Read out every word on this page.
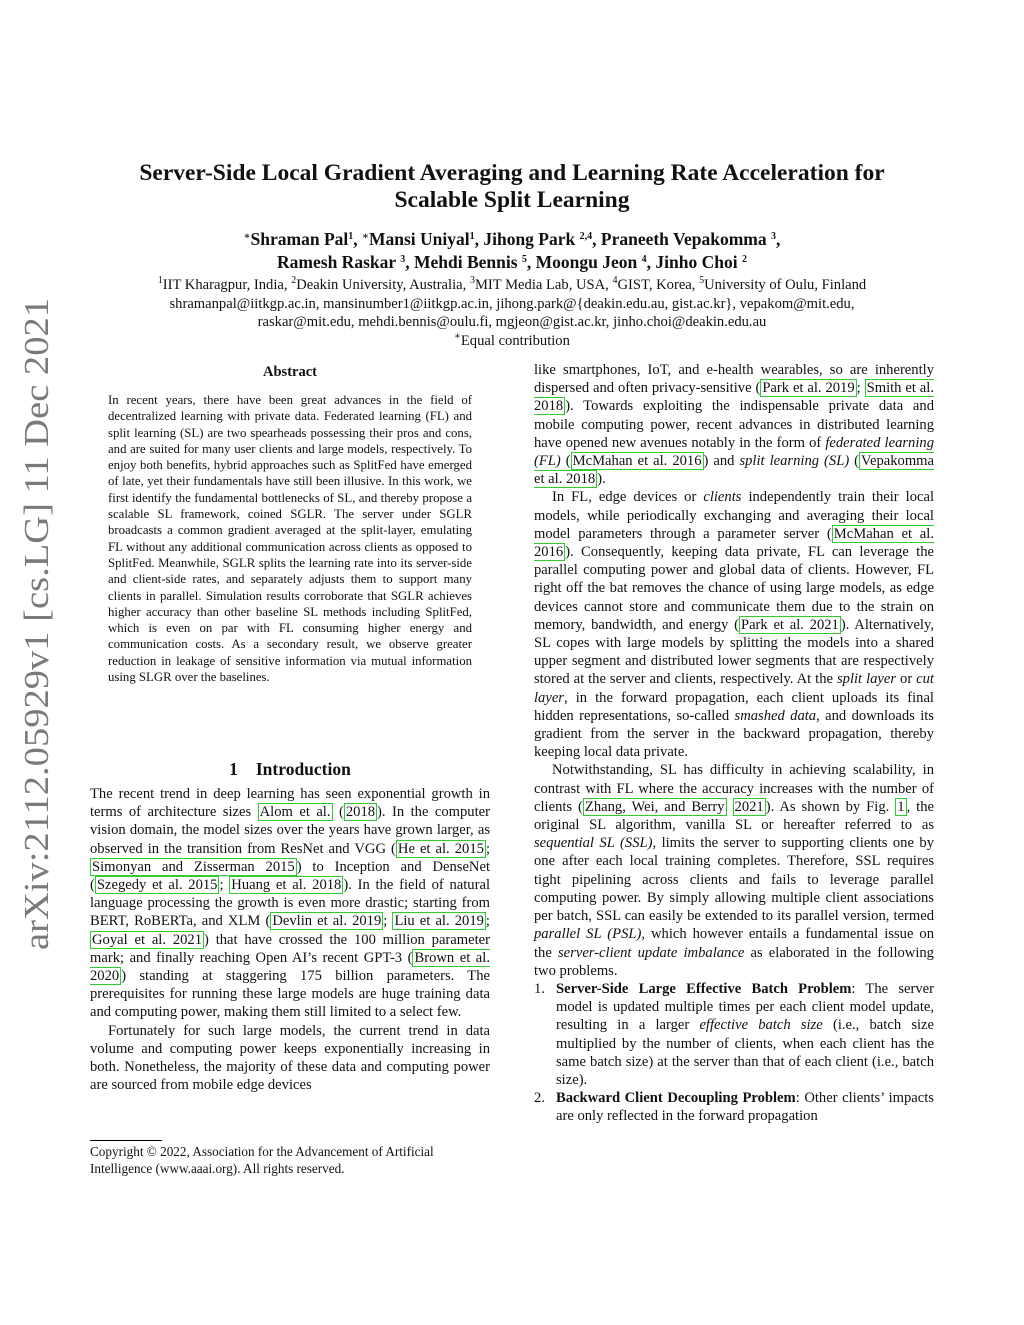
arXiv:2112.05929v1 [cs.LG] 11 Dec 2021
Server-Side Local Gradient Averaging and Learning Rate Acceleration for
Scalable Split Learning
∗Shraman Pal$^1$, ∗Mansi Uniyal$^1$, Jihong Park $^{2,4}$, Praneeth Vepakomma $^3$,
Ramesh Raskar $^3$, Mehdi Bennis $^5$, Moongu Jeon $^4$, Jinho Choi $^2$
$^1$IIT Kharagpur, India, $^2$Deakin University, Australia, $^3$MIT Media Lab, USA, $^4$GIST, Korea, $^5$University of Oulu, Finland
shramanpal@iitkgp.ac.in, mansinumber1@iitkgp.ac.in, jihong.park@{deakin.edu.au, gist.ac.kr}, vepakom@mit.edu,
raskar@mit.edu, mehdi.bennis@oulu.fi, mgjeon@gist.ac.kr, jinho.choi@deakin.edu.au
∗Equal contribution
Abstract
In recent years, there have been great advances in the field of decentralized learning with private data. Federated learning (FL) and split learning (SL) are two spearheads possessing their pros and cons, and are suited for many user clients and large models, respectively. To enjoy both benefits, hybrid approaches such as SplitFed have emerged of late, yet their fundamentals have still been illusive. In this work, we first identify the fundamental bottlenecks of SL, and thereby propose a scalable SL framework, coined SGLR. The server under SGLR broadcasts a common gradient averaged at the split-layer, emulating FL without any additional communication across clients as opposed to SplitFed. Meanwhile, SGLR splits the learning rate into its server-side and client-side rates, and separately adjusts them to support many clients in parallel. Simulation results corroborate that SGLR achieves higher accuracy than other baseline SL methods including SplitFed, which is even on par with FL consuming higher energy and communication costs. As a secondary result, we observe greater reduction in leakage of sensitive information via mutual information using SLGR over the baselines.
1 Introduction

The recent trend in deep learning has seen exponential growth in terms of architecture sizes Alom et al. ( 2018 ). In the computer vision domain, the model sizes over the years have grown larger, as observed in the transition from ResNet and VGG ( He et al. 2015 ; Simonyan and Zisserman 2015 ) to Inception and DenseNet ( Szegedy et al. 2015 ; Huang et al. 2018 ). In the field of natural language processing the growth is even more drastic; starting from BERT, RoBERTa, and XLM ( Devlin et al. 2019 ; Liu et al. 2019 ; Goyal et al. 2021 ) that have crossed the 100 million parameter mark; and finally reaching Open AI’s recent GPT-3 ( Brown et al. 2020 ) standing at staggering 175 billion parameters. The prerequisites for running these large models are huge training data and computing power, making them still limited to a select few.

Fortunately for such large models, the current trend in data volume and computing power keeps exponentially increasing in both. Nonetheless, the majority of these data and computing power are sourced from mobile edge devices

Copyright © 2022, Association for the Advancement of Artificial Intelligence (www.aaai.org). All rights reserved.

like smartphones, IoT, and e-health wearables, so are inherently dispersed and often privacy-sensitive ( Park et al. 2019 ; Smith et al. 2018 ). Towards exploiting the indispensable private data and mobile computing power, recent advances in distributed learning have opened new avenues notably in the form of federated learning (FL) ( McMahan et al. 2016 ) and split learning (SL) ( Vepakomma et al. 2018 ).

In FL, edge devices or clients independently train their local models, while periodically exchanging and averaging their local model parameters through a parameter server ( McMahan et al. 2016 ). Consequently, keeping data private, FL can leverage the parallel computing power and global data of clients. However, FL right off the bat removes the chance of using large models, as edge devices cannot store and communicate them due to the strain on memory, bandwidth, and energy ( Park et al. 2021 ). Alternatively, SL copes with large models by splitting the models into a shared upper segment and distributed lower segments that are respectively stored at the server and clients, respectively. At the split layer or cut layer, in the forward propagation, each client uploads its final hidden representations, so-called smashed data, and downloads its gradient from the server in the backward propagation, thereby keeping local data private.

Notwithstanding, SL has difficulty in achieving scalability, in contrast with FL where the accuracy increases with the number of clients ( Zhang, Wei, and Berry 2021 ). As shown by Fig. 1 , the original SL algorithm, vanilla SL or hereafter referred to as sequential SL (SSL), limits the server to supporting clients one by one after each local training completes. Therefore, SSL requires tight pipelining across clients and fails to leverage parallel computing power. By simply allowing multiple client associations per batch, SSL can easily be extended to its parallel version, termed parallel SL (PSL), which however entails a fundamental issue on the server-client update imbalance as elaborated in the following two problems.

1. Server-Side Large Effective Batch Problem: The server model is updated multiple times per each client model update, resulting in a larger effective batch size (i.e., batch size multiplied by the number of clients, when each client has the same batch size) at the server than that of each client (i.e., batch size).
2. Backward Client Decoupling Problem: Other clients’ impacts are only reflected in the forward propagation
